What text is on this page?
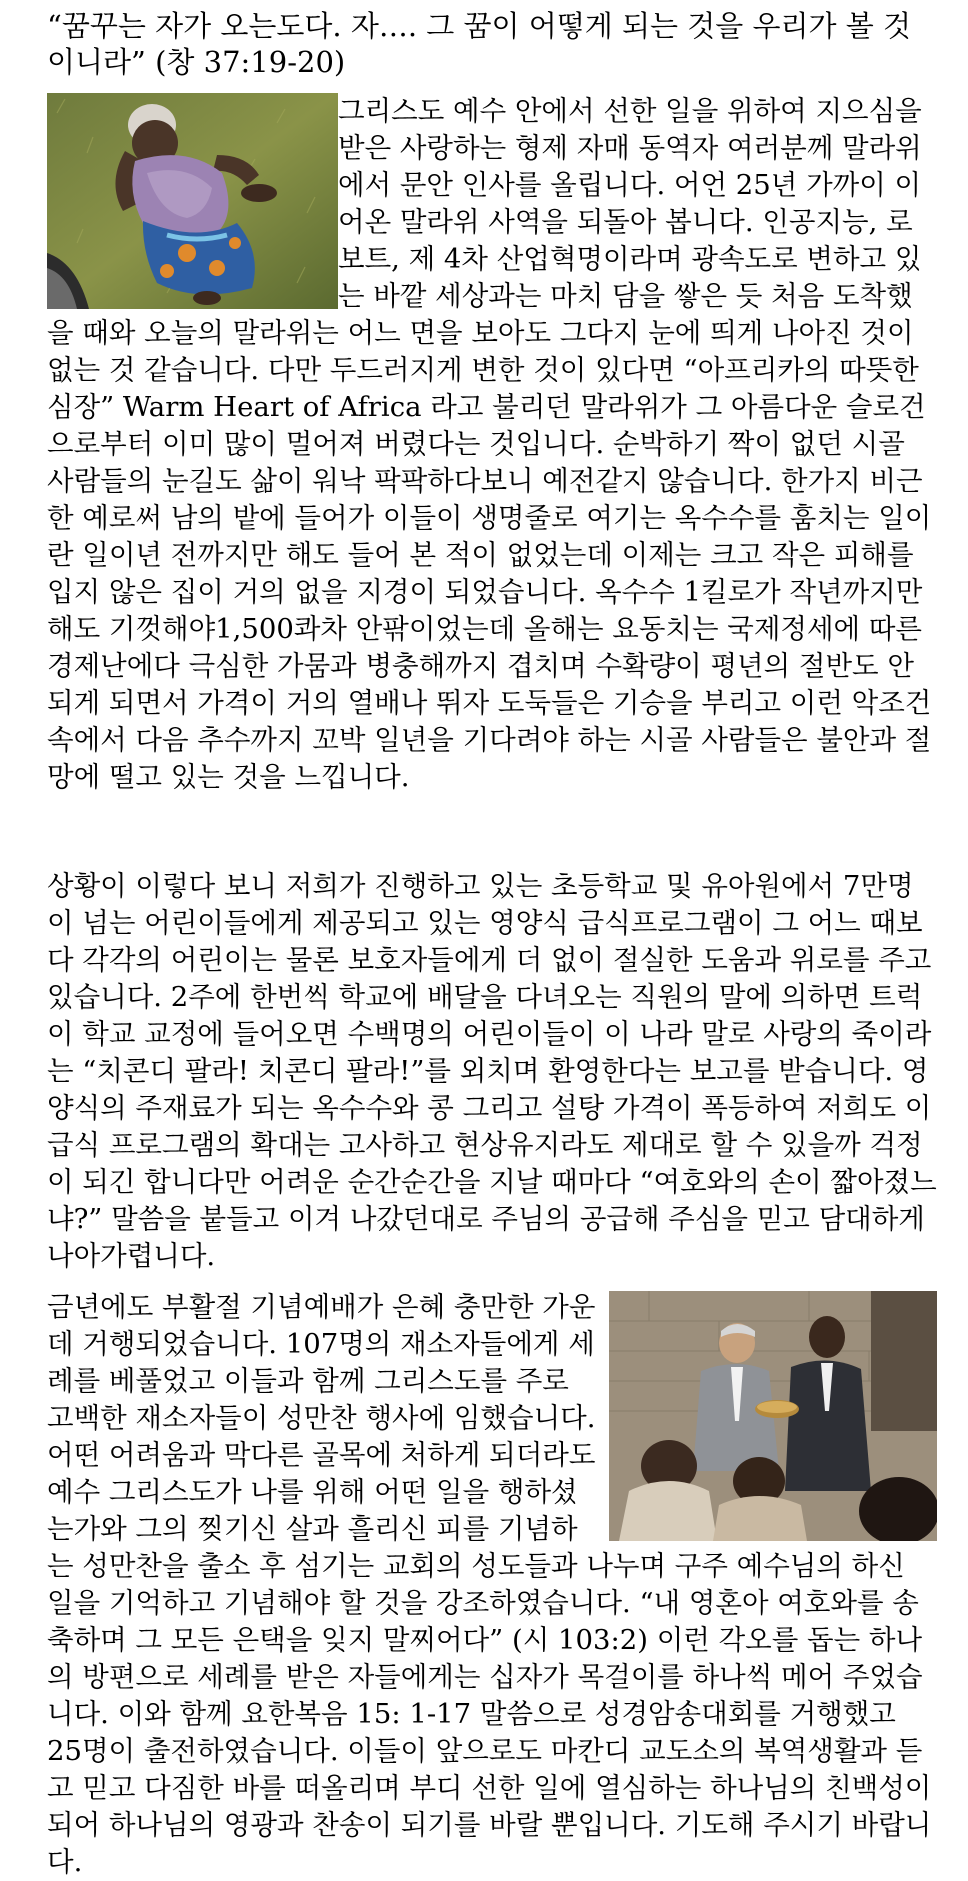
“꿈꾸는 자가 오는도다. 자…. 그 꿈이 어떻게 되는 것을 우리가 볼 것이니라” (창 37:19-20)

그리스도 예수 안에서 선한 일을 위하여 지으심을 받은 사랑하는 형제 자매 동역자 여러분께 말라위에서 문안 인사를 올립니다. 어언 25년 가까이 이 어온 말라위 사역을 되돌아 봅니다. 인공지능, 로보트, 제 4차 산업혁명이라며 광속도로 변하고 있는 바깥 세상과는 마치 담을 쌓은 듯 처음 도착했을 때와 오늘의 말라위는 어느 면을 보아도 그다지 눈에 띄게 나아진 것이 없는 것 같습니다. 다만 두드러지게 변한 것이 있다면 “아프리카의 따뜻한 심장” Warm Heart of Africa 라고 불리던 말라위가 그 아름다운 슬로건으로부터 이미 많이 멀어져 버렸다는 것입니다. 순박하기 짝이 없던 시골 사람들의 눈길도 삶이 워낙 팍팍하다보니 예전같지 않습니다. 한가지 비근한 예로써 남의 밭에 들어가 이들이 생명줄로 여기는 옥수수를 훔치는 일이란 일이년 전까지만 해도 들어 본 적이 없었는데 이제는 크고 작은 피해를 입지 않은 집이 거의 없을 지경이 되었습니다. 옥수수 1킬로가 작년까지만 해도 기껏해야1,500콰차 안팎이었는데 올해는 요동치는 국제정세에 따른 경제난에다 극심한 가뭄과 병충해까지 겹치며 수확량이 평년의 절반도 안되게 되면서 가격이 거의 열배나 뛰자 도둑들은 기승을 부리고 이런 악조건 속에서 다음 추수까지 꼬박 일년을 기다려야 하는 시골 사람들은 불안과 절망에 떨고 있는 것을 느낍니다.

상황이 이렇다 보니 저희가 진행하고 있는 초등학교 및 유아원에서 7만명이 넘는 어린이들에게 제공되고 있는 영양식 급식프로그램이 그 어느 때보다 각각의 어린이는 물론 보호자들에게 더 없이 절실한 도움과 위로를 주고 있습니다. 2주에 한번씩 학교에 배달을 다녀오는 직원의 말에 의하면 트럭이 학교 교정에 들어오면 수백명의 어린이들이 이 나라 말로 사랑의 죽이라는 “치콘디 팔라! 치콘디 팔라!”를 외치며 환영한다는 보고를 받습니다. 영양식의 주재료가 되는 옥수수와 콩 그리고 설탕 가격이 폭등하여 저희도 이 급식 프로그램의 확대는 고사하고 현상유지라도 제대로 할 수 있을까 걱정이 되긴 합니다만 어려운 순간순간을 지날 때마다 “여호와의 손이 짧아졌느냐?” 말씀을 붙들고 이겨 나갔던대로 주님의 공급해 주심을 믿고 담대하게 나아가렵니다.

금년에도 부활절 기념예배가 은혜 충만한 가운데 거행되었습니다. 107명의 재소자들에게 세례를 베풀었고 이들과 함께 그리스도를 주로 고백한 재소자들이 성만찬 행사에 임했습니다. 어떤 어려움과 막다른 골목에 처하게 되더라도 예수 그리스도가 나를 위해 어떤 일을 행하셨는가와 그의 찢기신 살과 흘리신 피를 기념하는 성만찬을 출소 후 섬기는 교회의 성도들과 나누며 구주 예수님의 하신 일을 기억하고 기념해야 할 것을 강조하였습니다. “내 영혼아 여호와를 송축하며 그 모든 은택을 잊지 말찌어다” (시 103:2) 이런 각오를 돕는 하나의 방편으로 세례를 받은 자들에게는 십자가 목걸이를 하나씩 메어 주었습니다. 이와 함께 요한복음 15: 1-17 말씀으로 성경암송대회를 거행했고 25명이 출전하였습니다. 이들이 앞으로도 마칸디 교도소의 복역생활과 듣고 믿고 다짐한 바를 떠올리며 부디 선한 일에 열심하는 하나님의 친백성이 되어 하나님의 영광과 찬송이 되기를 바랄 뿐입니다. 기도해 주시기 바랍니다.
